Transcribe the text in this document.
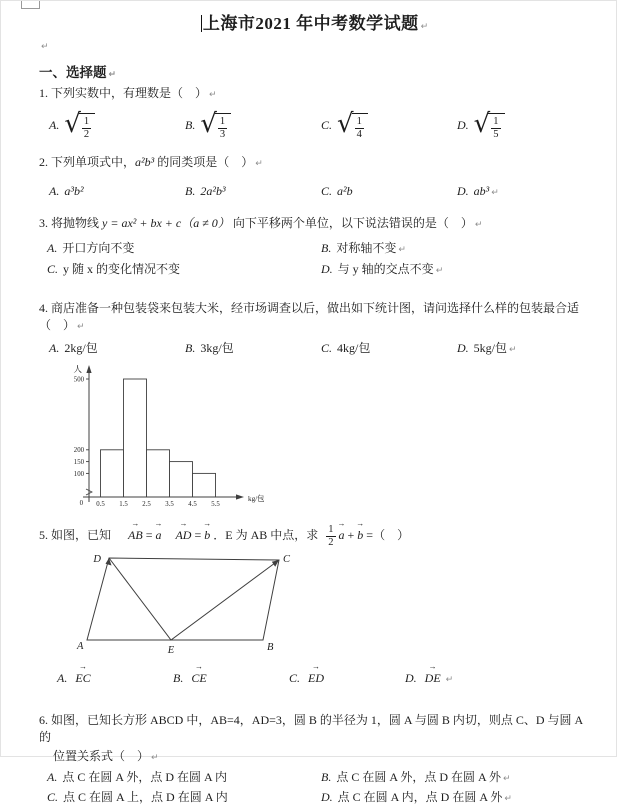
上海市2021 年中考数学试题 ↵
↵
一、选择题 ↵
1. 下列实数中，有理数是（　） ↵
A. √ $\frac{1}{2}$	B. √ $\frac{1}{3}$	C. √ $\frac{1}{4}$	D. √ $\frac{1}{5}$
2. 下列单项式中，a²b³ 的同类项是（　） ↵
A. a³b²	B. 2a²b³	C. a²b	D. ab³ ↵
3. 将抛物线 y = ax² + bx + c（a ≠ 0） 向下平移两个单位，以下说法错误的是（　） ↵
A. 开口方向不变	B. 对称轴不变 ↵
C. y 随 x 的变化情况不变	D. 与 y 轴的交点不变 ↵
4. 商店准备一种包装袋来包装大米，经市场调查以后，做出如下统计图，请问选择什么样的包装最合适（　） ↵
A. 2kg/包	B. 3kg/包	C. 4kg/包	D. 5kg/包 ↵
100
150
200
500
0.5 1.5 2.5 3.5 4.5 5.5
0
人
kg/包
5. 如图，已知 → AB = → a → AD = → b ．E 为 AB 中点，求 $\frac{1}{2} \to a$ + → b =（　）
D	C
A	B
E
A. → EC	B. → CE	C. → ED	D. → DE ↵
6. 如图，已知长方形 ABCD 中，AB=4，AD=3，圆 B 的半径为 1，圆 A 与圆 B 内切，则点 C、D 与圆 A 的
位置关系式（　） ↵
A. 点 C 在圆 A 外，点 D 在圆 A 内	B. 点 C 在圆 A 外，点 D 在圆 A 外 ↵
C. 点 C 在圆 A 上，点 D 在圆 A 内	D. 点 C 在圆 A 内，点 D 在圆 A 外 ↵
